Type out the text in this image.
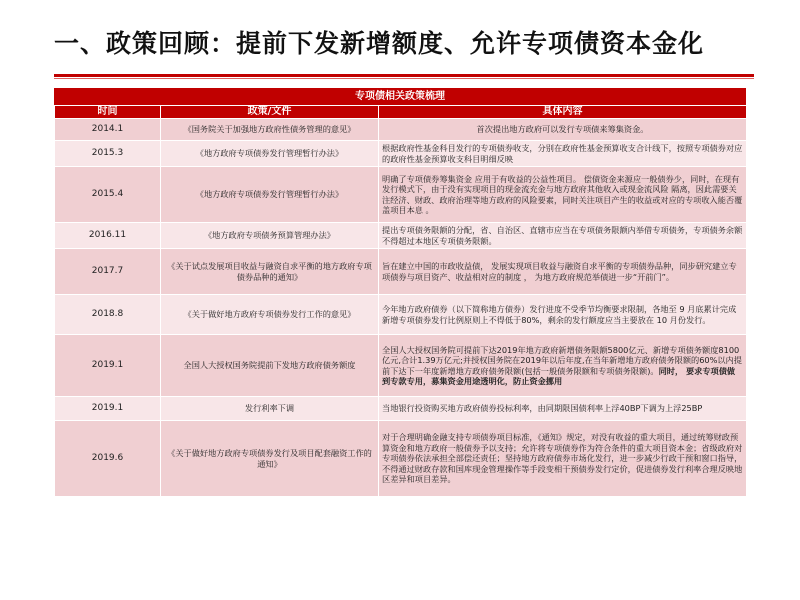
一、政策回顾：提前下发新增额度、允许专项债资本金化
专项债相关政策梳理
时间	政策/文件	具体内容
2014.1	《国务院关于加强地方政府性债务管理的意见》	首次提出地方政府可以发行专项债来筹集资金。
2015.3	《地方政府专项债券发行管理暂行办法》	根据政府性基金科目发行的专项债券收支，分别在政府性基金预算收支合计线下，按照专项债券对应的政府性基金预算收支科目明细反映
2015.4	《地方政府专项债券发行管理暂行办法》	明确了专项债券筹集资金 应用于有收益的公益性项目。 偿债资金来源应一般债券少，同时，在现有发行模式下，由于没有实现项目的现金流充金与地方政府其他收入或现金流风险 隔离，因此需要关注经济、财政、政府治理等地方政府的风险要素，同时关注项目产生的收益或对应的专项收入能否覆盖项目本息 。
2016.11	《地方政府专项债务预算管理办法》	提出专项债务限额的分配，省、自治区、直辖市应当在专项债务限额内举借专项债务，专项债务余额不得超过本地区专项债务限额。
2017.7	《关于试点发展项目收益与融资自求平衡的地方政府专项债券品种的通知》	旨在建立中国的市政收益债， 发展实现项目收益与融资自求平衡的专项债券品种，同步研究建立专项债券与项目资产、收益相对应的制度 ， 为地方政府规范举债进一步“开前门”。
2018.8	《关于做好地方政府专项债券发行工作的意见》	今年地方政府债券（以下简称地方债券）发行进度不受季节均衡要求限制，各地至 9 月底累计完成新增专项债券发行比例原则上不得低于80%，剩余的发行额度应当主要放在 10 月份发行。
2019.1	全国人大授权国务院提前下发地方政府债务额度	全国人大授权国务院可提前下达2019年地方政府新增债务限额5800亿元、新增专项债务额度8100亿元,合计1.39万亿元;并授权国务院在2019年以后年度,在当年新增地方政府债务限额的60%以内提前下达下一年度新增地方政府债务限额(包括一般债务限额和专项债务限额)。同时， 要求专项债做到专款专用，募集资金用途透明化，防止资金挪用
2019.1	发行利率下调	当地银行投资购买地方政府债券投标利率，由同期限国债利率上浮40BP下调为上浮25BP
2019.6	《关于做好地方政府专项债券发行及项目配套融资工作的通知》	对于合理明确金融支持专项债券项目标准，《通知》规定，对没有收益的重大项目，通过统筹财政预算资金和地方政府一般债券予以支持；允许将专项债券作为符合条件的重大项目资本金；省级政府对专项债券依法承担全部偿还责任；坚持地方政府债券市场化发行，进一步减少行政干预和窗口指导，不得通过财政存款和国库现金管理操作等手段变相干预债券发行定价，促进债券发行利率合理反映地区差异和项目差异。
